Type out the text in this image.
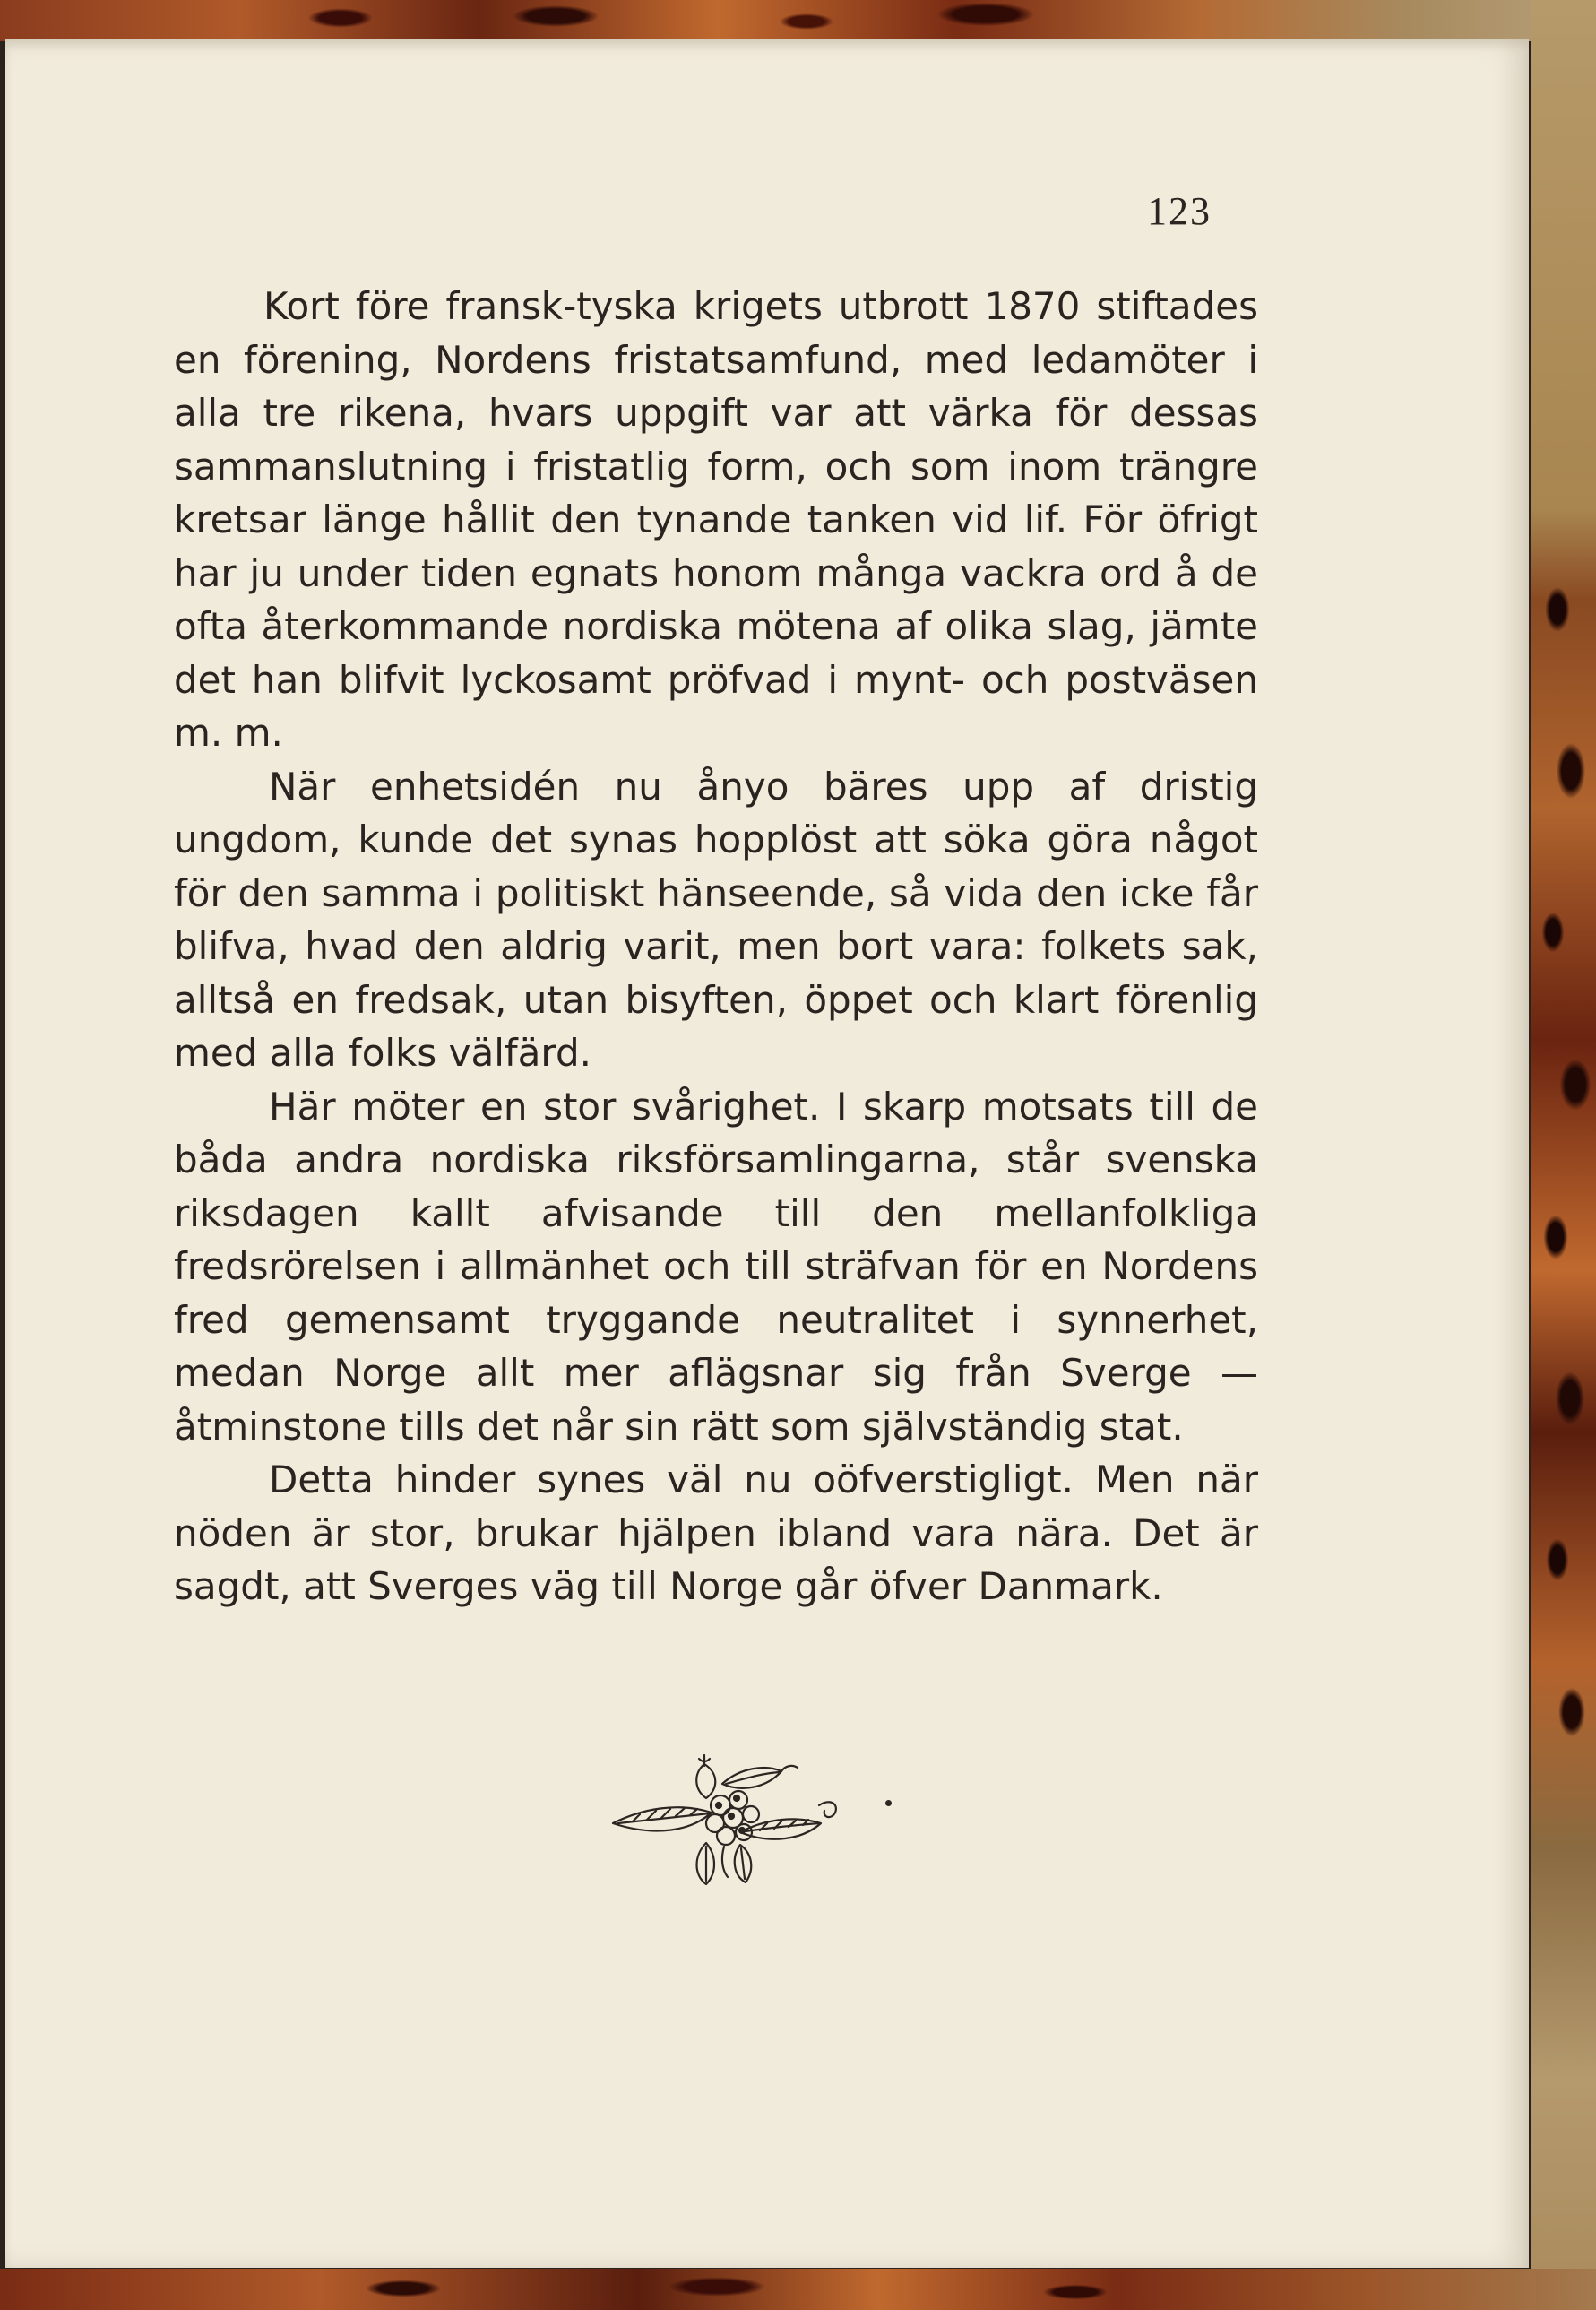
123

Kort före fransk-tyska krigets utbrott 1870 stiftades en förening, Nordens fristatsamfund, med ledamöter i alla tre rikena, hvars uppgift var att värka för dessas sammanslutning i fristatlig form, och som inom trängre kretsar länge hållit den tynande tanken vid lif. För öfrigt har ju under tiden egnats honom många vackra ord å de ofta återkommande nordiska mötena af olika slag, jämte det han blifvit lyckosamt pröfvad i mynt- och postväsen m. m.

När enhetsidén nu ånyo bäres upp af dristig ungdom, kunde det synas hopplöst att söka göra något för den samma i politiskt hänseende, så vida den icke får blifva, hvad den aldrig varit, men bort vara: folkets sak, alltså en fredsak, utan bisyften, öppet och klart förenlig med alla folks välfärd.

Här möter en stor svårighet. I skarp motsats till de båda andra nordiska riksförsamlingarna, står svenska riksdagen kallt afvisande till den mellanfolkliga fredsrörelsen i allmänhet och till sträfvan för en Nordens fred gemensamt tryggande neutralitet i synnerhet, medan Norge allt mer aflägsnar sig från Sverge — åtminstone tills det når sin rätt som självständig stat.

Detta hinder synes väl nu oöfverstigligt. Men när nöden är stor, brukar hjälpen ibland vara nära. Det är sagdt, att Sverges väg till Norge går öfver Danmark.
